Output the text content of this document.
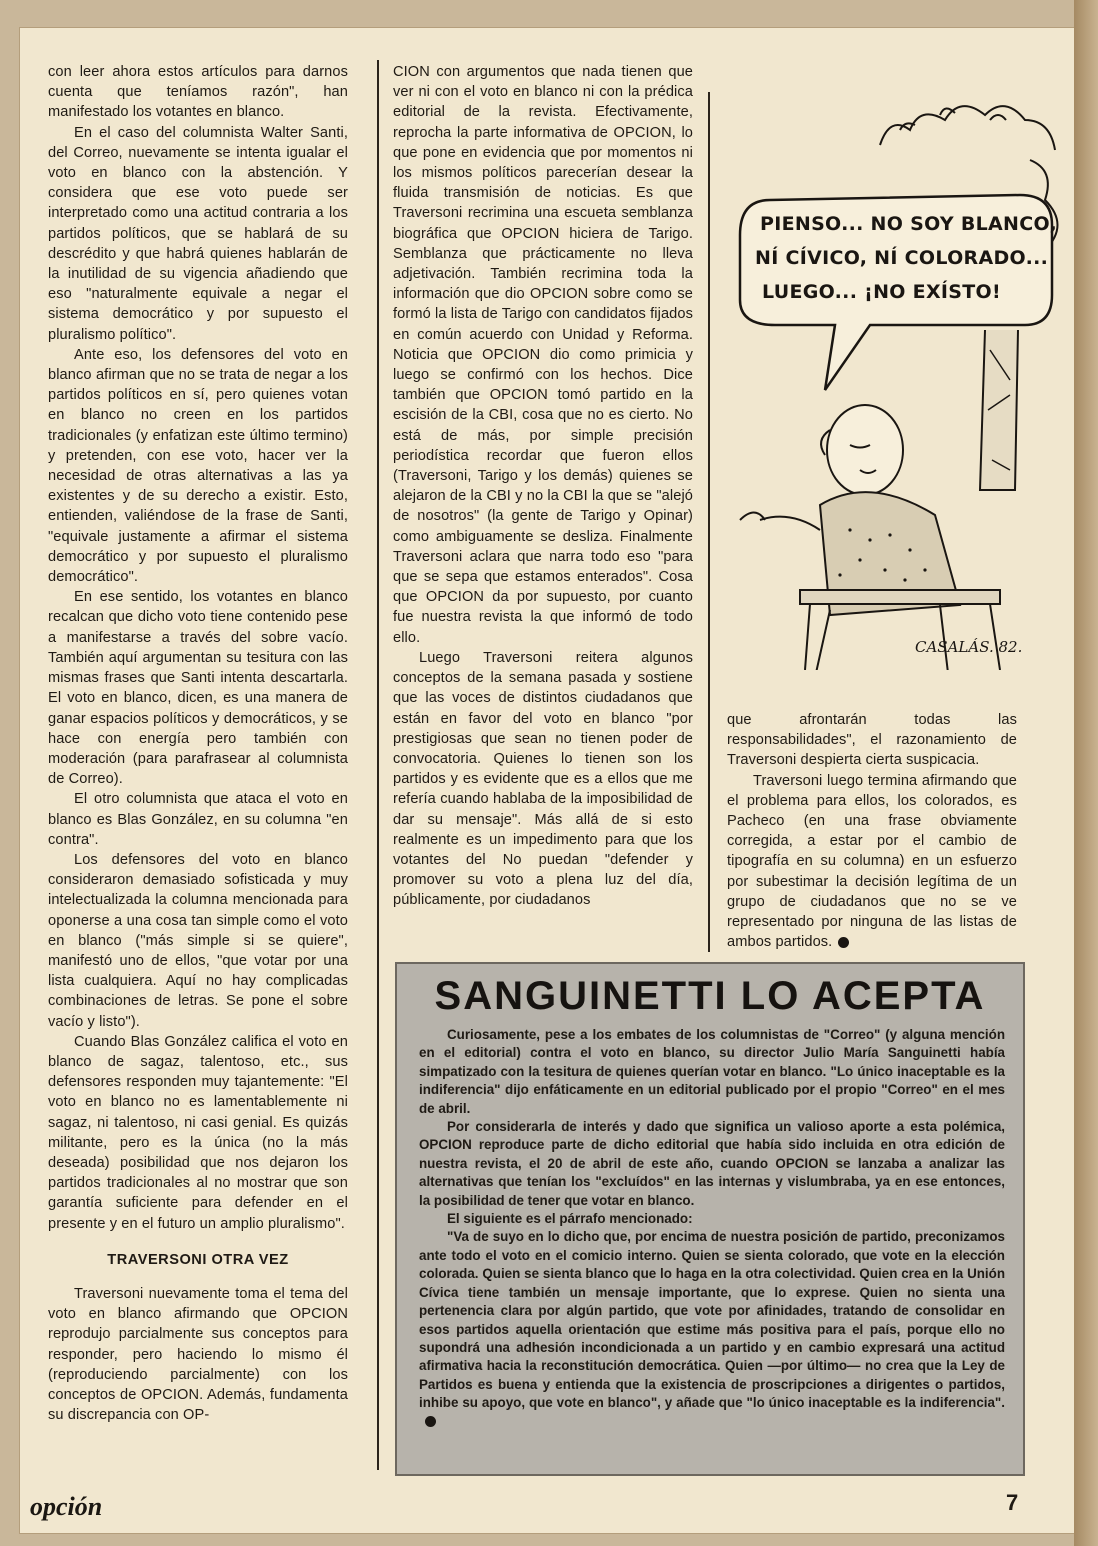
con leer ahora estos artículos para darnos cuenta que teníamos razón", han manifestado los votantes en blanco.

En el caso del columnista Walter Santi, del Correo, nuevamente se intenta igualar el voto en blanco con la abstención. Y considera que ese voto puede ser interpretado como una actitud contraria a los partidos políticos, que se hablará de su descrédito y que habrá quienes hablarán de la inutilidad de su vigencia añadiendo que eso "naturalmente equivale a negar el sistema democrático y por supuesto el pluralismo político".

Ante eso, los defensores del voto en blanco afirman que no se trata de negar a los partidos políticos en sí, pero quienes votan en blanco no creen en los partidos tradicionales (y enfatizan este último termino) y pretenden, con ese voto, hacer ver la necesidad de otras alternativas a las ya existentes y de su derecho a existir. Esto, entienden, valiéndose de la frase de Santi, "equivale justamente a afirmar el sistema democrático y por supuesto el pluralismo democrático".

En ese sentido, los votantes en blanco recalcan que dicho voto tiene contenido pese a manifestarse a través del sobre vacío. También aquí argumentan su tesitura con las mismas frases que Santi intenta descartarla. El voto en blanco, dicen, es una manera de ganar espacios políticos y democráticos, y se hace con energía pero también con moderación (para parafrasear al columnista de Correo).

El otro columnista que ataca el voto en blanco es Blas González, en su columna "en contra".

Los defensores del voto en blanco consideraron demasiado sofisticada y muy intelectualizada la columna mencionada para oponerse a una cosa tan simple como el voto en blanco ("más simple si se quiere", manifestó uno de ellos, "que votar por una lista cualquiera. Aquí no hay complicadas combinaciones de letras. Se pone el sobre vacío y listo").

Cuando Blas González califica el voto en blanco de sagaz, talentoso, etc., sus defensores responden muy tajantemente: "El voto en blanco no es lamentablemente ni sagaz, ni talentoso, ni casi genial. Es quizás militante, pero es la única (no la más deseada) posibilidad que nos dejaron los partidos tradicionales al no mostrar que son garantía suficiente para defender en el presente y en el futuro un amplio pluralismo".

TRAVERSONI OTRA VEZ

Traversoni nuevamente toma el tema del voto en blanco afirmando que OPCION reprodujo parcialmente sus conceptos para responder, pero haciendo lo mismo él (reproduciendo parcialmente) con los conceptos de OPCION. Además, fundamenta su discrepancia con OP-

CION con argumentos que nada tienen que ver ni con el voto en blanco ni con la prédica editorial de la revista. Efectivamente, reprocha la parte informativa de OPCION, lo que pone en evidencia que por momentos ni los mismos políticos parecerían desear la fluida transmisión de noticias. Es que Traversoni recrimina una escueta semblanza biográfica que OPCION hiciera de Tarigo. Semblanza que prácticamente no lleva adjetivación. También recrimina toda la información que dio OPCION sobre como se formó la lista de Tarigo con candidatos fijados en común acuerdo con Unidad y Reforma. Noticia que OPCION dio como primicia y luego se confirmó con los hechos. Dice también que OPCION tomó partido en la escisión de la CBI, cosa que no es cierto. No está de más, por simple precisión periodística recordar que fueron ellos (Traversoni, Tarigo y los demás) quienes se alejaron de la CBI y no la CBI la que se "alejó de nosotros" (la gente de Tarigo y Opinar) como ambiguamente se desliza. Finalmente Traversoni aclara que narra todo eso "para que se sepa que estamos enterados". Cosa que OPCION da por supuesto, por cuanto fue nuestra revista la que informó de todo ello.

Luego Traversoni reitera algunos conceptos de la semana pasada y sostiene que las voces de distintos ciudadanos que están en favor del voto en blanco "por prestigiosas que sean no tienen poder de convocatoria. Quienes lo tienen son los partidos y es evidente que es a ellos que me refería cuando hablaba de la imposibilidad de dar su mensaje". Más allá de si esto realmente es un impedimento para que los votantes del No puedan "defender y promover su voto a plena luz del día, públicamente, por ciudadanos

PIENSO... NO SOY BLANCO,
NÍ CÍVICO, NÍ COLORADO...
LUEGO... ¡NO EXÍSTO!
CASALÁS. 82.

que afrontarán todas las responsabilidades", el razonamiento de Traversoni despierta cierta suspicacia.

Traversoni luego termina afirmando que el problema para ellos, los colorados, es Pacheco (en una frase obviamente corregida, a estar por el cambio de tipografía en su columna) en un esfuerzo por subestimar la decisión legítima de un grupo de ciudadanos que no se ve representado por ninguna de las listas de ambos partidos.

SANGUINETTI LO ACEPTA

Curiosamente, pese a los embates de los columnistas de "Correo" (y alguna mención en el editorial) contra el voto en blanco, su director Julio María Sanguinetti había simpatizado con la tesitura de quienes querían votar en blanco. "Lo único inaceptable es la indiferencia" dijo enfáticamente en un editorial publicado por el propio "Correo" en el mes de abril.

Por considerarla de interés y dado que significa un valioso aporte a esta polémica, OPCION reproduce parte de dicho editorial que había sido incluida en otra edición de nuestra revista, el 20 de abril de este año, cuando OPCION se lanzaba a analizar las alternativas que tenían los "excluídos" en las internas y vislumbraba, ya en ese entonces, la posibilidad de tener que votar en blanco.

El siguiente es el párrafo mencionado:

"Va de suyo en lo dicho que, por encima de nuestra posición de partido, preconizamos ante todo el voto en el comicio interno. Quien se sienta colorado, que vote en la elección colorada. Quien se sienta blanco que lo haga en la otra colectividad. Quien crea en la Unión Cívica tiene también un mensaje importante, que lo exprese. Quien no sienta una pertenencia clara por algún partido, que vote por afinidades, tratando de consolidar en esos partidos aquella orientación que estime más positiva para el país, porque ello no supondrá una adhesión incondicionada a un partido y en cambio expresará una actitud afirmativa hacia la reconstitución democrática. Quien —por último— no crea que la Ley de Partidos es buena y entienda que la existencia de proscripciones a dirigentes o partidos, inhibe su apoyo, que vote en blanco", y añade que "lo único inaceptable es la indiferencia".

opción	7
